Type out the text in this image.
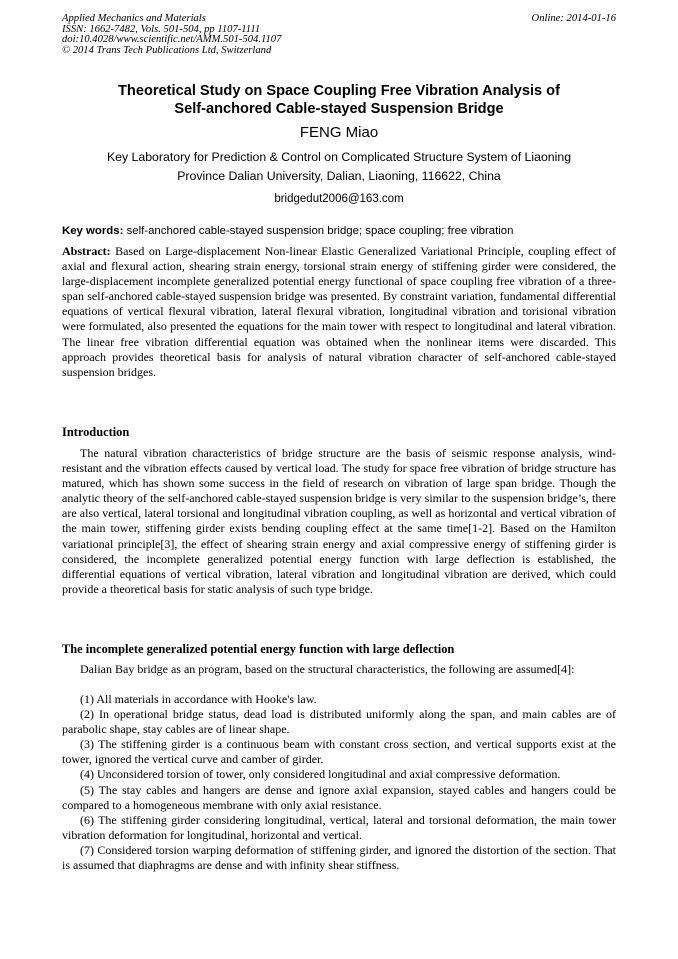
Applied Mechanics and Materials
ISSN: 1662-7482, Vols. 501-504, pp 1107-1111
doi:10.4028/www.scientific.net/AMM.501-504.1107
© 2014 Trans Tech Publications Ltd, Switzerland
Online: 2014-01-16
Theoretical Study on Space Coupling Free Vibration Analysis of
Self-anchored Cable-stayed Suspension Bridge
FENG Miao
Key Laboratory for Prediction & Control on Complicated Structure System of Liaoning
Province Dalian University, Dalian, Liaoning, 116622, China
bridgedut2006@163.com
Key words: self-anchored cable-stayed suspension bridge; space coupling; free vibration
Abstract: Based on Large-displacement Non-linear Elastic Generalized Variational Principle, coupling effect of axial and flexural action, shearing strain energy, torsional strain energy of stiffening girder were considered, the large-displacement incomplete generalized potential energy functional of space coupling free vibration of a three-span self-anchored cable-stayed suspension bridge was presented. By constraint variation, fundamental differential equations of vertical flexural vibration, lateral flexural vibration, longitudinal vibration and torisional vibration were formulated, also presented the equations for the main tower with respect to longitudinal and lateral vibration. The linear free vibration differential equation was obtained when the nonlinear items were discarded. This approach provides theoretical basis for analysis of natural vibration character of self-anchored cable-stayed suspension bridges.
Introduction

The natural vibration characteristics of bridge structure are the basis of seismic response analysis, wind-resistant and the vibration effects caused by vertical load. The study for space free vibration of bridge structure has matured, which has shown some success in the field of research on vibration of large span bridge. Though the analytic theory of the self-anchored cable-stayed suspension bridge is very similar to the suspension bridge’s, there are also vertical, lateral torsional and longitudinal vibration coupling, as well as horizontal and vertical vibration of the main tower, stiffening girder exists bending coupling effect at the same time[1-2]. Based on the Hamilton variational principle[3], the effect of shearing strain energy and axial compressive energy of stiffening girder is considered, the incomplete generalized potential energy function with large deflection is established, the differential equations of vertical vibration, lateral vibration and longitudinal vibration are derived, which could provide a theoretical basis for static analysis of such type bridge.

The incomplete generalized potential energy function with large deflection

Dalian Bay bridge as an program, based on the structural characteristics, the following are assumed[4]:

(1) All materials in accordance with Hooke's law.

(2) In operational bridge status, dead load is distributed uniformly along the span, and main cables are of parabolic shape, stay cables are of linear shape.

(3) The stiffening girder is a continuous beam with constant cross section, and vertical supports exist at the tower, ignored the vertical curve and camber of girder.

(4) Unconsidered torsion of tower, only considered longitudinal and axial compressive deformation.

(5) The stay cables and hangers are dense and ignore axial expansion, stayed cables and hangers could be compared to a homogeneous membrane with only axial resistance.

(6) The stiffening girder considering longitudinal, vertical, lateral and torsional deformation, the main tower vibration deformation for longitudinal, horizontal and vertical.

(7) Considered torsion warping deformation of stiffening girder, and ignored the distortion of the section. That is assumed that diaphragms are dense and with infinity shear stiffness.
